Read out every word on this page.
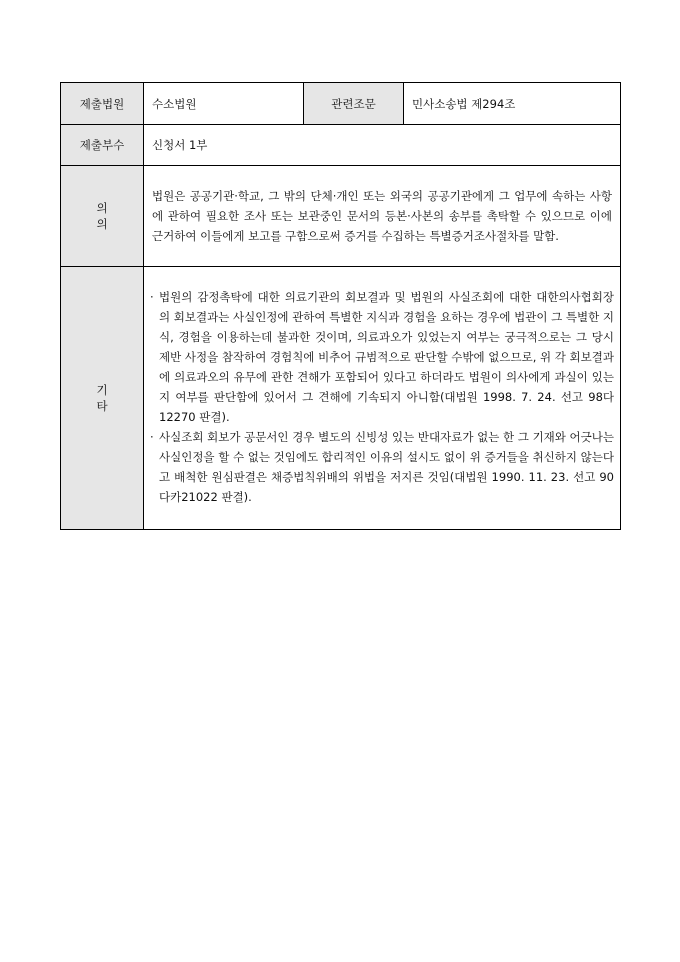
제출법원	수소법원	관련조문	민사소송법 제294조
제출부수	신청서 1부		
의의	법원은 공공기관·학교, 그 밖의 단체·개인 또는 외국의 공공기관에게 그 업무에 속하는 사항에 관하여 필요한 조사 또는 보관중인 문서의 등본·사본의 송부를 촉탁할 수 있으므로 이에 근거하여 이들에게 보고를 구함으로써 증거를 수집하는 특별증거조사절차를 말함.		
기타	· 법원의 감정촉탁에 대한 의료기관의 회보결과 및 법원의 사실조회에 대한 대한의사협회장의 회보결과는 사실인정에 관하여 특별한 지식과 경험을 요하는 경우에 법관이 그 특별한 지식, 경험을 이용하는데 불과한 것이며, 의료과오가 있었는지 여부는 궁극적으로는 그 당시 제반 사정을 참작하여 경험칙에 비추어 규범적으로 판단할 수밖에 없으므로, 위 각 회보결과에 의료과오의 유무에 관한 견해가 포함되어 있다고 하더라도 법원이 의사에게 과실이 있는지 여부를 판단함에 있어서 그 견해에 기속되지 아니함(대법원 1998. 7. 24. 선고 98다12270 판결).
· 사실조회 회보가 공문서인 경우 별도의 신빙성 있는 반대자료가 없는 한 그 기재와 어긋나는 사실인정을 할 수 없는 것임에도 합리적인 이유의 설시도 없이 위 증거들을 취신하지 않는다고 배척한 원심판결은 채증법칙위배의 위법을 저지른 것임(대법원 1990. 11. 23. 선고 90다카21022 판결).		
